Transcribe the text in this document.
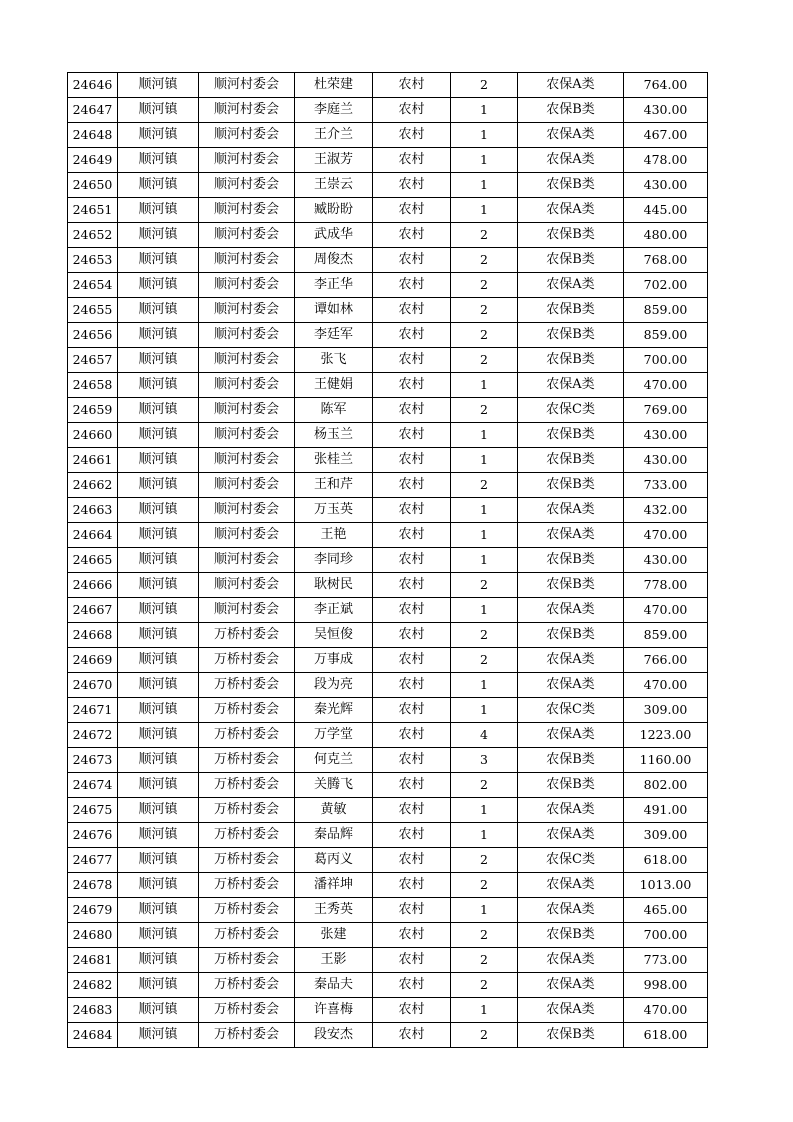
24646	顺河镇	顺河村委会	杜荣建	农村	2	农保A类	764.00
24647	顺河镇	顺河村委会	李庭兰	农村	1	农保B类	430.00
24648	顺河镇	顺河村委会	王介兰	农村	1	农保A类	467.00
24649	顺河镇	顺河村委会	王淑芳	农村	1	农保A类	478.00
24650	顺河镇	顺河村委会	王崇云	农村	1	农保B类	430.00
24651	顺河镇	顺河村委会	臧盼盼	农村	1	农保A类	445.00
24652	顺河镇	顺河村委会	武成华	农村	2	农保B类	480.00
24653	顺河镇	顺河村委会	周俊杰	农村	2	农保B类	768.00
24654	顺河镇	顺河村委会	李正华	农村	2	农保A类	702.00
24655	顺河镇	顺河村委会	谭如林	农村	2	农保B类	859.00
24656	顺河镇	顺河村委会	李廷军	农村	2	农保B类	859.00
24657	顺河镇	顺河村委会	张飞	农村	2	农保B类	700.00
24658	顺河镇	顺河村委会	王健娟	农村	1	农保A类	470.00
24659	顺河镇	顺河村委会	陈军	农村	2	农保C类	769.00
24660	顺河镇	顺河村委会	杨玉兰	农村	1	农保B类	430.00
24661	顺河镇	顺河村委会	张桂兰	农村	1	农保B类	430.00
24662	顺河镇	顺河村委会	王和芹	农村	2	农保B类	733.00
24663	顺河镇	顺河村委会	万玉英	农村	1	农保A类	432.00
24664	顺河镇	顺河村委会	王艳	农村	1	农保A类	470.00
24665	顺河镇	顺河村委会	李同珍	农村	1	农保B类	430.00
24666	顺河镇	顺河村委会	耿树民	农村	2	农保B类	778.00
24667	顺河镇	顺河村委会	李正斌	农村	1	农保A类	470.00
24668	顺河镇	万桥村委会	吴恒俊	农村	2	农保B类	859.00
24669	顺河镇	万桥村委会	万事成	农村	2	农保A类	766.00
24670	顺河镇	万桥村委会	段为亮	农村	1	农保A类	470.00
24671	顺河镇	万桥村委会	秦光辉	农村	1	农保C类	309.00
24672	顺河镇	万桥村委会	万学堂	农村	4	农保A类	1223.00
24673	顺河镇	万桥村委会	何克兰	农村	3	农保B类	1160.00
24674	顺河镇	万桥村委会	关腾飞	农村	2	农保B类	802.00
24675	顺河镇	万桥村委会	黄敏	农村	1	农保A类	491.00
24676	顺河镇	万桥村委会	秦品辉	农村	1	农保A类	309.00
24677	顺河镇	万桥村委会	葛丙义	农村	2	农保C类	618.00
24678	顺河镇	万桥村委会	潘祥坤	农村	2	农保A类	1013.00
24679	顺河镇	万桥村委会	王秀英	农村	1	农保A类	465.00
24680	顺河镇	万桥村委会	张建	农村	2	农保B类	700.00
24681	顺河镇	万桥村委会	王影	农村	2	农保A类	773.00
24682	顺河镇	万桥村委会	秦品夫	农村	2	农保A类	998.00
24683	顺河镇	万桥村委会	许喜梅	农村	1	农保A类	470.00
24684	顺河镇	万桥村委会	段安杰	农村	2	农保B类	618.00
